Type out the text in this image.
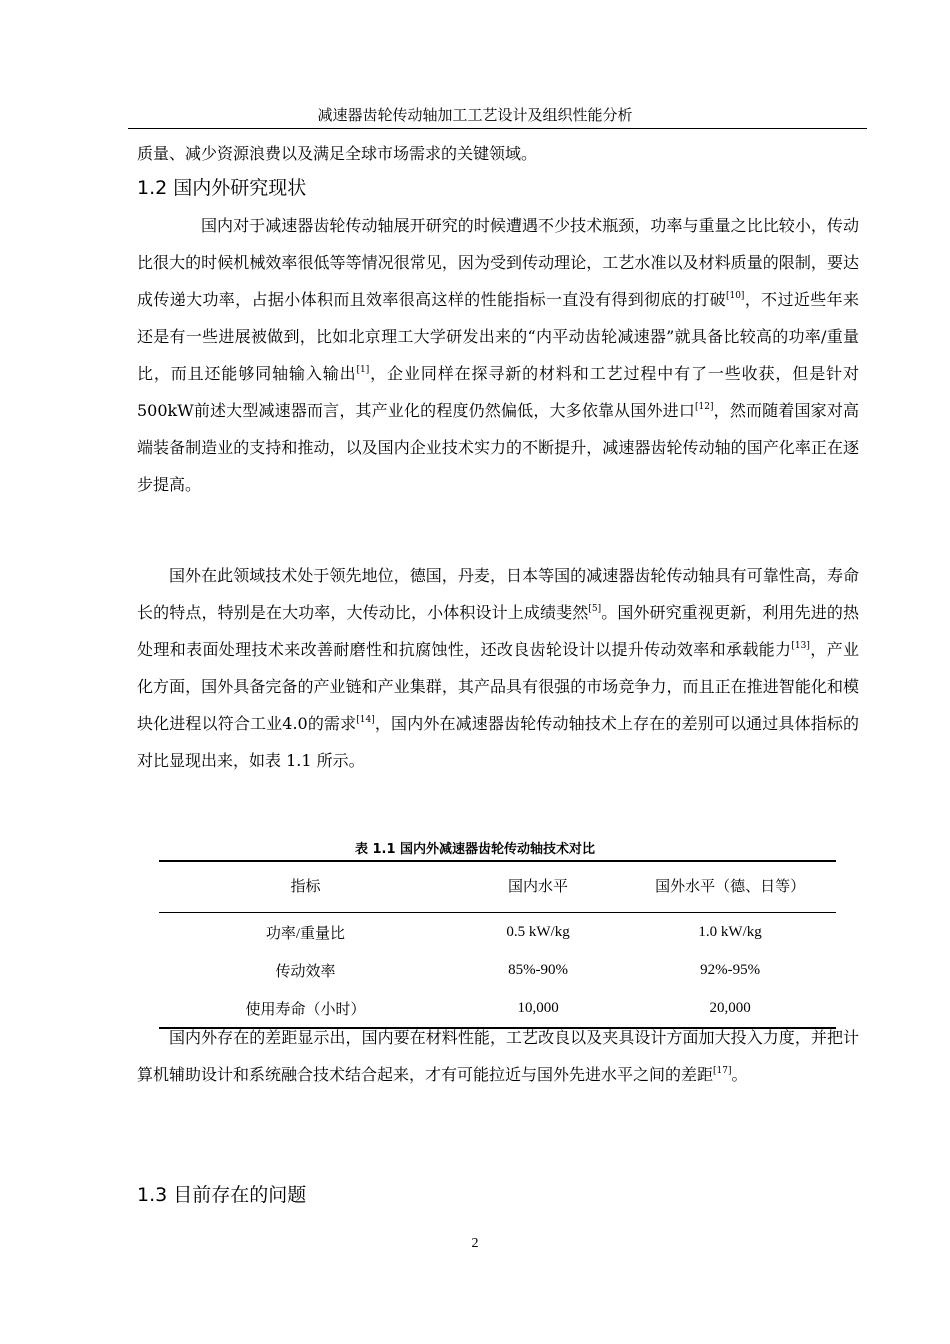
减速器齿轮传动轴加工工艺设计及组织性能分析

质量、减少资源浪费以及满足全球市场需求的关键领域。

1.2 国内外研究现状

国内对于减速器齿轮传动轴展开研究的时候遭遇不少技术瓶颈，功率与重量之比比较小，传动比很大的时候机械效率很低等等情况很常见，因为受到传动理论，工艺水准以及材料质量的限制，要达成传递大功率，占据小体积而且效率很高这样的性能指标一直没有得到彻底的打破[10]，不过近些年来还是有一些进展被做到，比如北京理工大学研发出来的“内平动齿轮减速器”就具备比较高的功率/重量比，而且还能够同轴输入输出[1]，企业同样在探寻新的材料和工艺过程中有了一些收获，但是针对500kW前述大型减速器而言，其产业化的程度仍然偏低，大多依靠从国外进口[12]，然而随着国家对高端装备制造业的支持和推动，以及国内企业技术实力的不断提升，减速器齿轮传动轴的国产化率正在逐步提高。

国外在此领域技术处于领先地位，德国，丹麦，日本等国的减速器齿轮传动轴具有可靠性高，寿命长的特点，特别是在大功率，大传动比，小体积设计上成绩斐然[5]。国外研究重视更新，利用先进的热处理和表面处理技术来改善耐磨性和抗腐蚀性，还改良齿轮设计以提升传动效率和承载能力[13]，产业化方面，国外具备完备的产业链和产业集群，其产品具有很强的市场竞争力，而且正在推进智能化和模块化进程以符合工业4.0的需求[14]，国内外在减速器齿轮传动轴技术上存在的差别可以通过具体指标的对比显现出来，如表 1.1 所示。

表 1.1 国内外减速器齿轮传动轴技术对比
指标	国内水平	国外水平（德、日等）
功率/重量比	0.5 kW/kg	1.0 kW/kg
传动效率	85%-90%	92%-95%
使用寿命（小时）	10,000	20,000

国内外存在的差距显示出，国内要在材料性能，工艺改良以及夹具设计方面加大投入力度，并把计算机辅助设计和系统融合技术结合起来，才有可能拉近与国外先进水平之间的差距[17]。

1.3 目前存在的问题
2
